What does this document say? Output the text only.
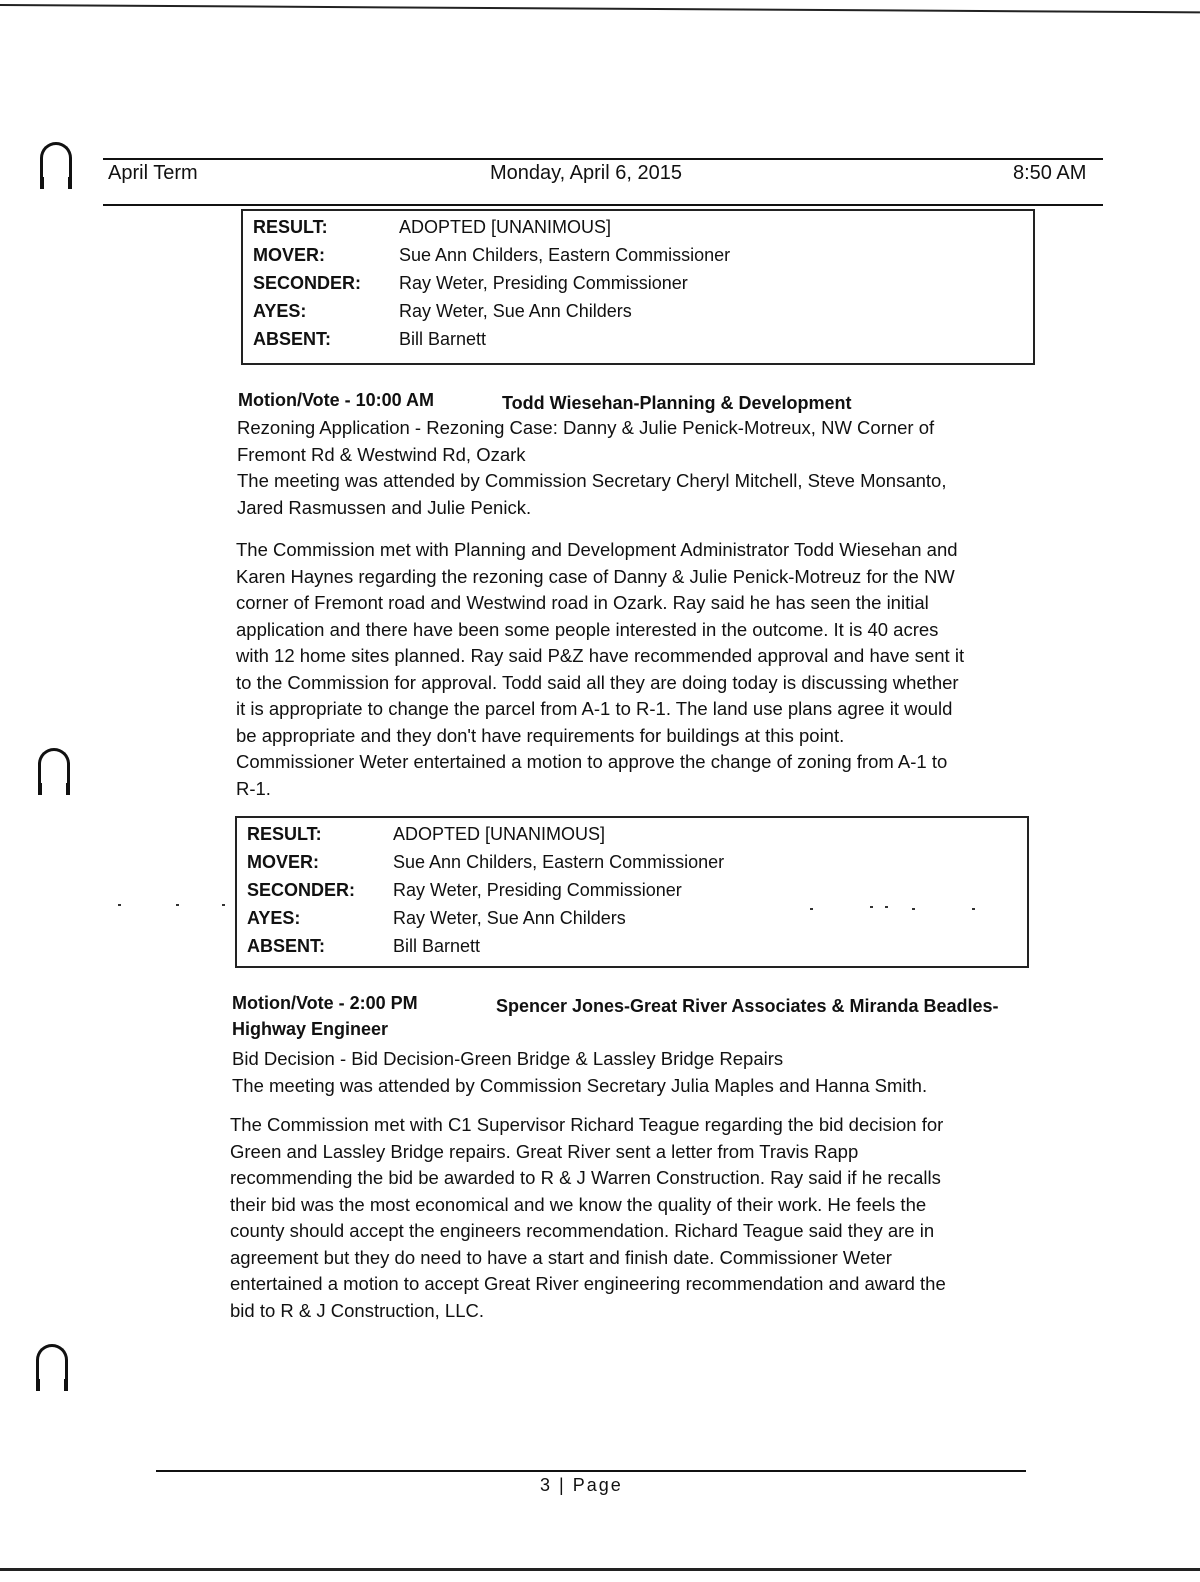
April Term	Monday, April 6, 2015	8:50 AM
RESULT:	ADOPTED [UNANIMOUS]
MOVER:	Sue Ann Childers, Eastern Commissioner
SECONDER:	Ray Weter, Presiding Commissioner
AYES:	Ray Weter, Sue Ann Childers
ABSENT:	Bill Barnett
Motion/Vote - 10:00 AM	Todd Wiesehan-Planning & Development
Rezoning Application - Rezoning Case: Danny & Julie Penick-Motreux, NW Corner of
Fremont Rd & Westwind Rd, Ozark
The meeting was attended by Commission Secretary Cheryl Mitchell, Steve Monsanto,
Jared Rasmussen and Julie Penick.
The Commission met with Planning and Development Administrator Todd Wiesehan and
Karen Haynes regarding the rezoning case of Danny & Julie Penick-Motreuz for the NW
corner of Fremont road and Westwind road in Ozark. Ray said he has seen the initial
application and there have been some people interested in the outcome. It is 40 acres
with 12 home sites planned. Ray said P&Z have recommended approval and have sent it
to the Commission for approval. Todd said all they are doing today is discussing whether
it is appropriate to change the parcel from A-1 to R-1. The land use plans agree it would
be appropriate and they don't have requirements for buildings at this point.
Commissioner Weter entertained a motion to approve the change of zoning from A-1 to
R-1.
RESULT:	ADOPTED [UNANIMOUS]
MOVER:	Sue Ann Childers, Eastern Commissioner
SECONDER:	Ray Weter, Presiding Commissioner
AYES:	Ray Weter, Sue Ann Childers
ABSENT:	Bill Barnett
Motion/Vote - 2:00 PM	Spencer Jones-Great River Associates & Miranda Beadles-
Highway Engineer
Bid Decision - Bid Decision-Green Bridge & Lassley Bridge Repairs
The meeting was attended by Commission Secretary Julia Maples and Hanna Smith.
The Commission met with C1 Supervisor Richard Teague regarding the bid decision for
Green and Lassley Bridge repairs. Great River sent a letter from Travis Rapp
recommending the bid be awarded to R & J Warren Construction. Ray said if he recalls
their bid was the most economical and we know the quality of their work. He feels the
county should accept the engineers recommendation. Richard Teague said they are in
agreement but they do need to have a start and finish date. Commissioner Weter
entertained a motion to accept Great River engineering recommendation and award the
bid to R & J Construction, LLC.
3 | Page
